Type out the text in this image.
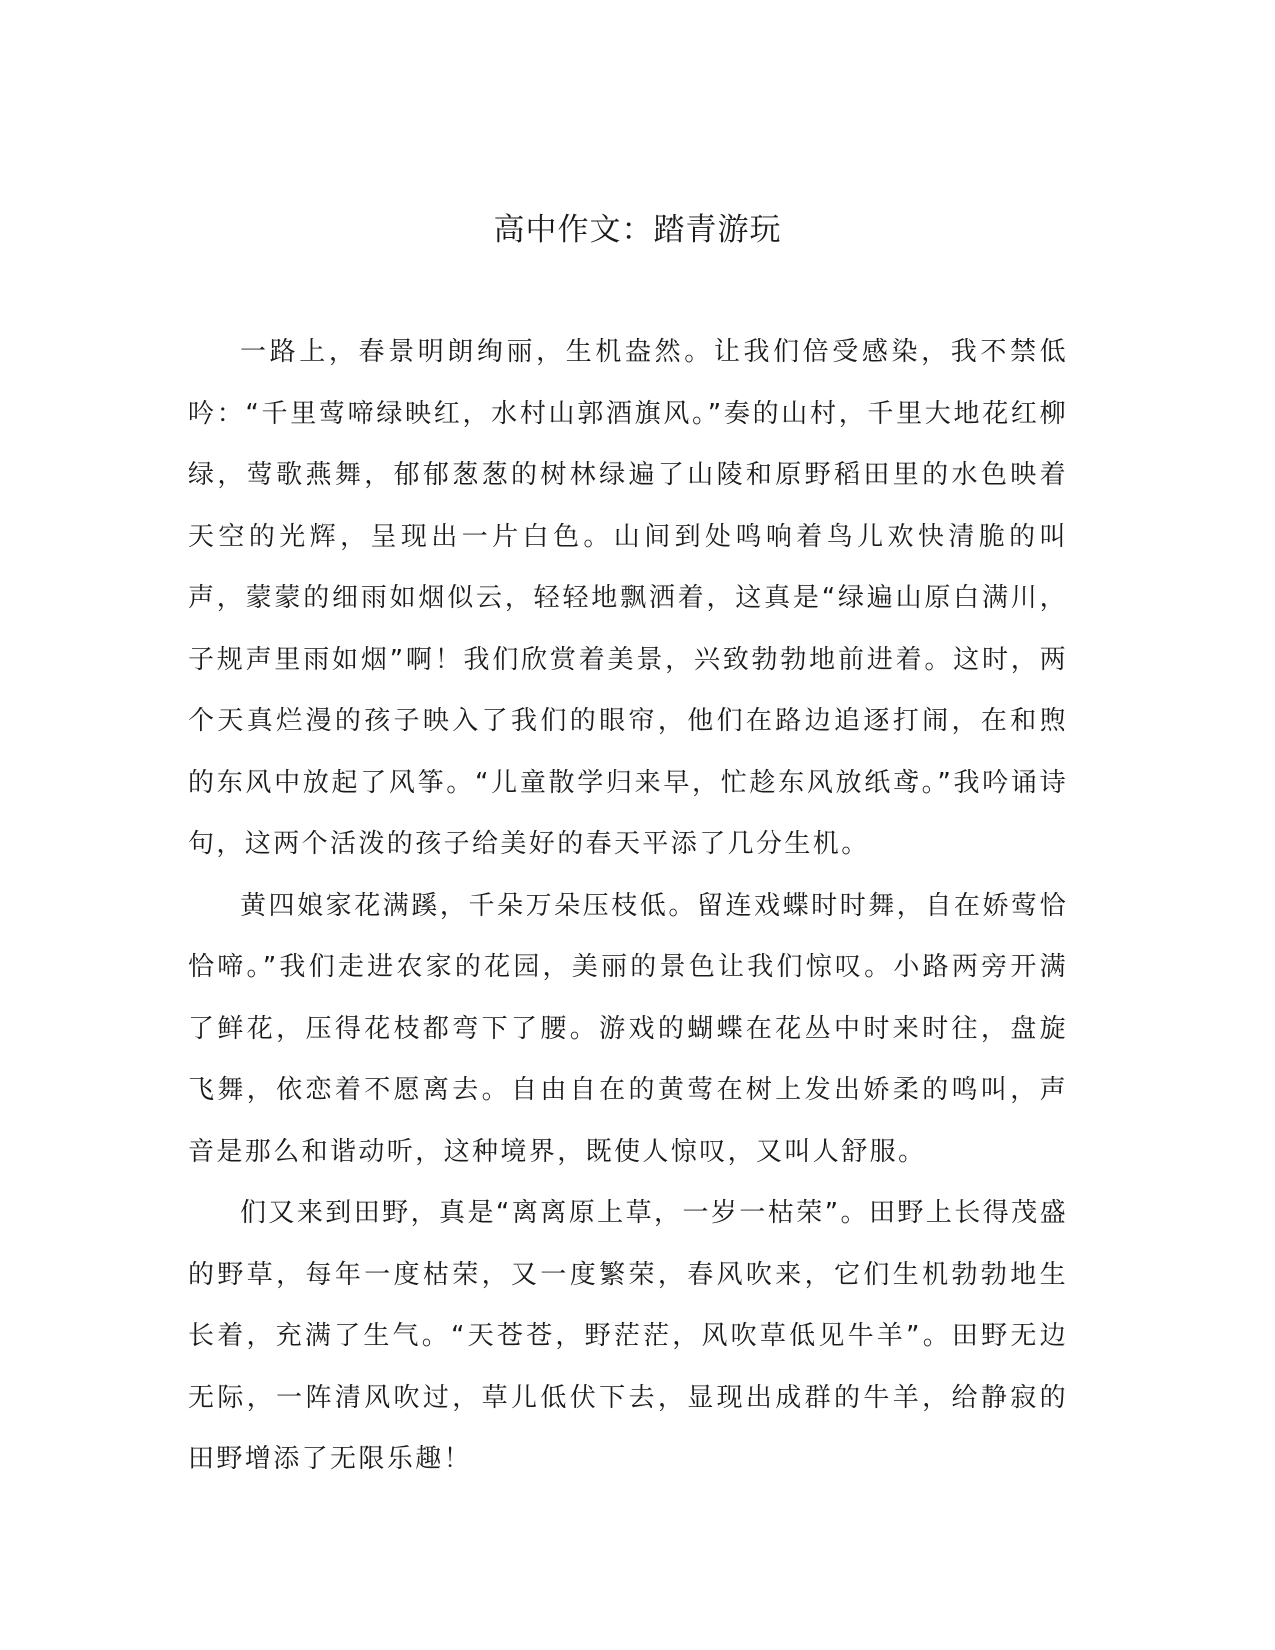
高中作文：踏青游玩

一路上，春景明朗绚丽，生机盎然。让我们倍受感染，我不禁低吟：“千里莺啼绿映红，水村山郭酒旗风。”奏的山村，千里大地花红柳绿，莺歌燕舞，郁郁葱葱的树林绿遍了山陵和原野稻田里的水色映着天空的光辉，呈现出一片白色。山间到处鸣响着鸟儿欢快清脆的叫声，蒙蒙的细雨如烟似云，轻轻地飘洒着，这真是“绿遍山原白满川，子规声里雨如烟”啊！我们欣赏着美景，兴致勃勃地前进着。这时，两个天真烂漫的孩子映入了我们的眼帘，他们在路边追逐打闹，在和煦的东风中放起了风筝。“儿童散学归来早，忙趁东风放纸鸢。”我吟诵诗句，这两个活泼的孩子给美好的春天平添了几分生机。

黄四娘家花满蹊，千朵万朵压枝低。留连戏蝶时时舞，自在娇莺恰恰啼。”我们走进农家的花园，美丽的景色让我们惊叹。小路两旁开满了鲜花，压得花枝都弯下了腰。游戏的蝴蝶在花丛中时来时往，盘旋飞舞，依恋着不愿离去。自由自在的黄莺在树上发出娇柔的鸣叫，声音是那么和谐动听，这种境界，既使人惊叹，又叫人舒服。

们又来到田野，真是“离离原上草，一岁一枯荣”。田野上长得茂盛的野草，每年一度枯荣，又一度繁荣，春风吹来，它们生机勃勃地生长着，充满了生气。“天苍苍，野茫茫，风吹草低见牛羊”。田野无边无际，一阵清风吹过，草儿低伏下去，显现出成群的牛羊，给静寂的田野增添了无限乐趣！
